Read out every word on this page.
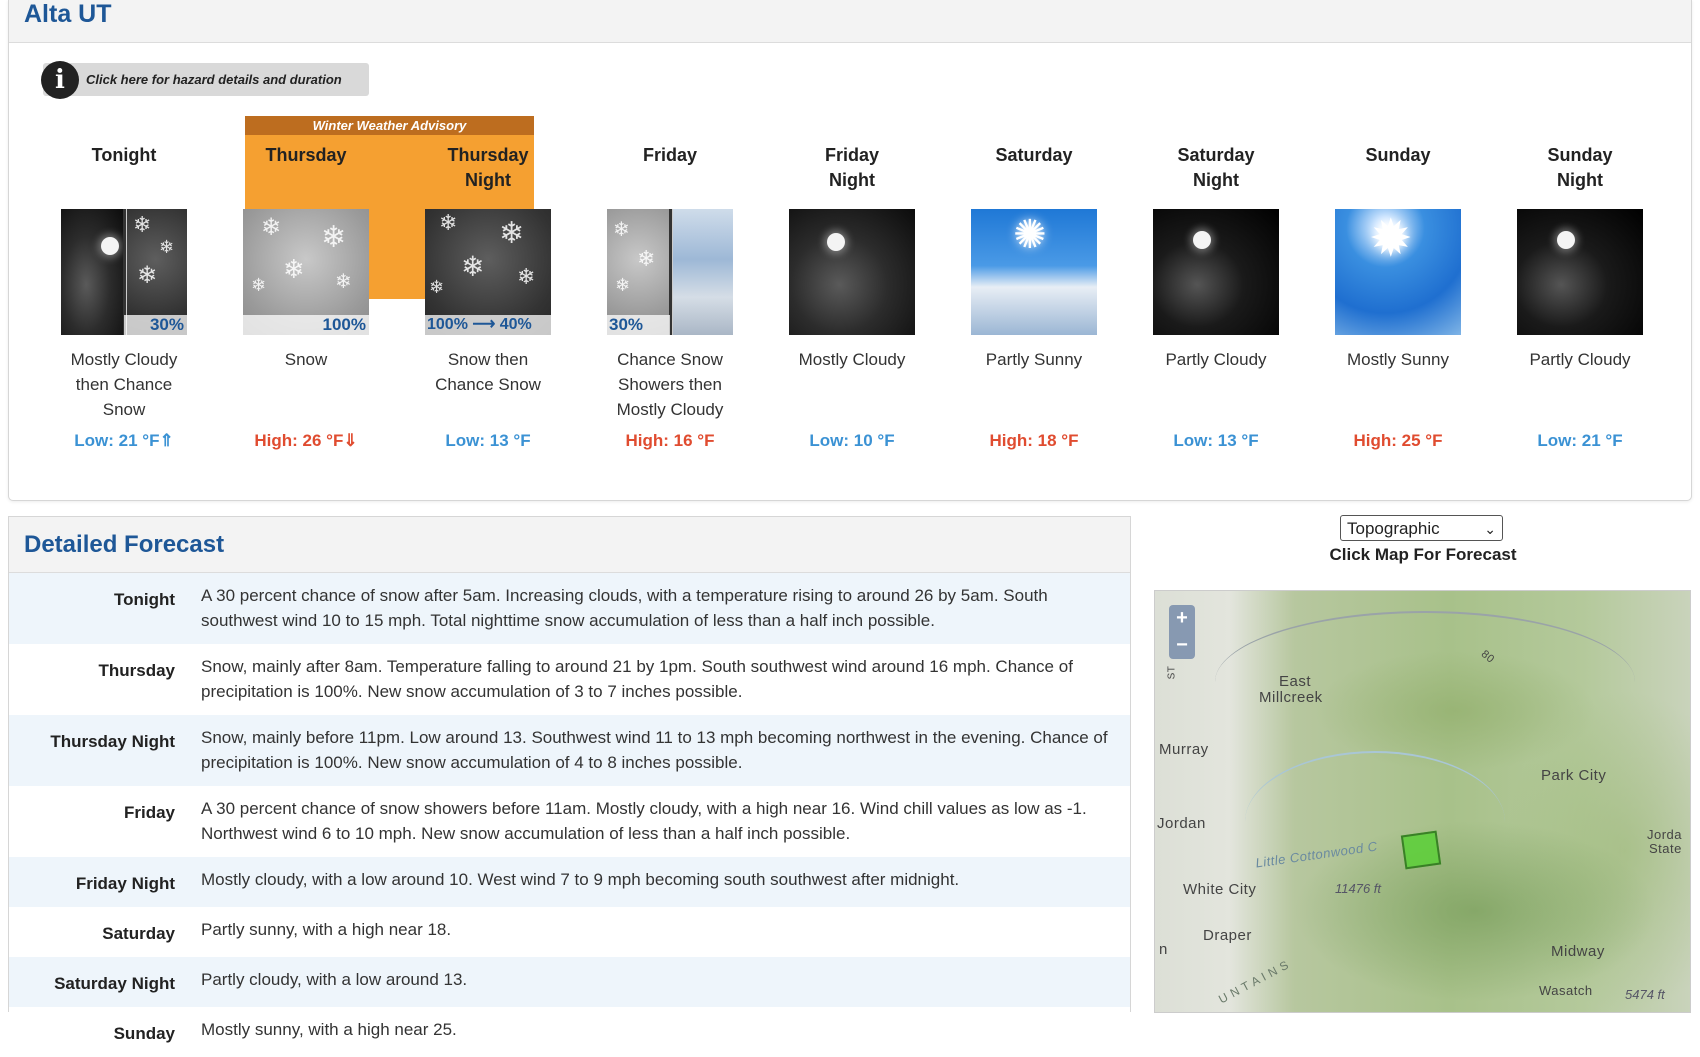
Alta UT
i	Click here for hazard details and duration
Winter Weather Advisory
Tonight

❄
❄
❄
30%
Mostly Cloudy
then Chance
Snow
Low: 21 °F⇑
Thursday

❄ ❄
❄ ❄
❄
100%
Snow

High: 26 °F⇓
Thursday
Night
❄ ❄
❄ ❄
❄
100% ⟶ 40%
Snow then
Chance Snow

Low: 13 °F
Friday

❄
❄
❄
30%
Chance Snow
Showers then
Mostly Cloudy
High: 16 °F
Friday
Night
Mostly Cloudy

Low: 10 °F
Saturday

✺
Partly Sunny

High: 18 °F
Saturday
Night
Partly Cloudy

Low: 13 °F
Sunday

✹
Mostly Sunny

High: 25 °F
Sunday
Night
Partly Cloudy

Low: 21 °F
Detailed Forecast
Tonight	A 30 percent chance of snow after 5am. Increasing clouds, with a temperature rising to around 26 by 5am. South southwest wind 10 to 15 mph. Total nighttime snow accumulation of less than a half inch possible.
Thursday	Snow, mainly after 8am. Temperature falling to around 21 by 1pm. South southwest wind around 16 mph. Chance of precipitation is 100%. New snow accumulation of 3 to 7 inches possible.
Thursday Night	Snow, mainly before 11pm. Low around 13. Southwest wind 11 to 13 mph becoming northwest in the evening. Chance of precipitation is 100%. New snow accumulation of 4 to 8 inches possible.
Friday	A 30 percent chance of snow showers before 11am. Mostly cloudy, with a high near 16. Wind chill values as low as -1. Northwest wind 6 to 10 mph. New snow accumulation of less than a half inch possible.
Friday Night	Mostly cloudy, with a low around 10. West wind 7 to 9 mph becoming south southwest after midnight.
Saturday	Partly sunny, with a high near 18.
Saturday Night	Partly cloudy, with a low around 13.
Sunday	Mostly sunny, with a high near 25.
Topographic	⌄
Click Map For Forecast
+
−
East
Millcreek
Murray
Park City
Jordan
Jorda
State
White City
Draper
Midway
Wasatch
n
Little Cottonwood C
11476 ft
5474 ft
80
ST
U N T A I N S
